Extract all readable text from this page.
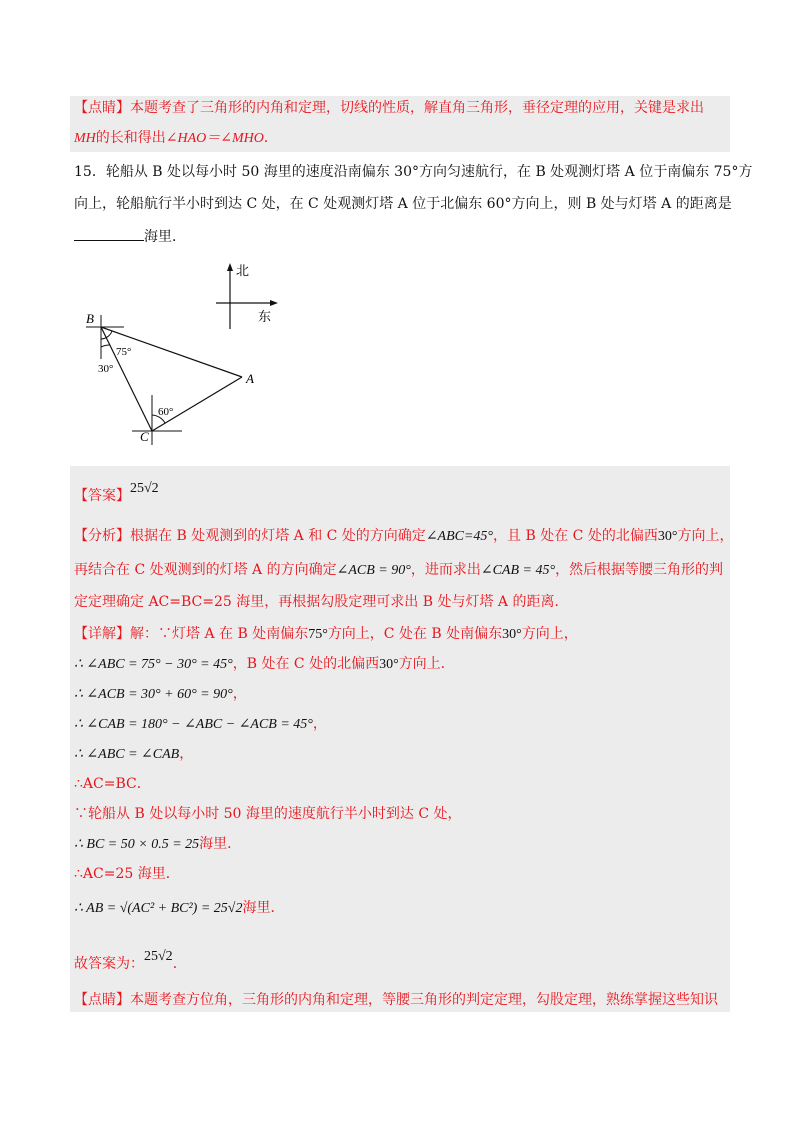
【点睛】本题考查了三角形的内角和定理，切线的性质，解直角三角形，垂径定理的应用，关键是求出
MH的长和得出∠HAO＝∠MHO．
15．轮船从 B 处以每小时 50 海里的速度沿南偏东 30°方向匀速航行，在 B 处观测灯塔 A 位于南偏东 75°方
向上，轮船航行半小时到达 C 处，在 C 处观测灯塔 A 位于北偏东 60°方向上，则 B 处与灯塔 A 的距离是
海里．
北
东
B
A
C
75°
30°
60°
【答案】25√2
【分析】根据在 B 处观测到的灯塔 A 和 C 处的方向确定∠ABC=45°，且 B 处在 C 处的北偏西30°方向上，
再结合在 C 处观测到的灯塔 A 的方向确定∠ACB = 90°，进而求出∠CAB = 45°，然后根据等腰三角形的判
定定理确定 AC=BC=25 海里，再根据勾股定理可求出 B 处与灯塔 A 的距离．
【详解】解：∵灯塔 A 在 B 处南偏东75°方向上，C 处在 B 处南偏东30°方向上，
∴ ∠ABC = 75° − 30° = 45°，B 处在 C 处的北偏西30°方向上．
∴ ∠ACB = 30° + 60° = 90°，
∴ ∠CAB = 180° − ∠ABC − ∠ACB = 45°，
∴ ∠ABC = ∠CAB，
∴AC=BC．
∵轮船从 B 处以每小时 50 海里的速度航行半小时到达 C 处，
∴ BC = 50 × 0.5 = 25海里．
∴AC=25 海里．
∴ AB = √(AC² + BC²) = 25√2海里．
故答案为：25√2．
【点睛】本题考查方位角，三角形的内角和定理，等腰三角形的判定定理，勾股定理，熟练掌握这些知识
